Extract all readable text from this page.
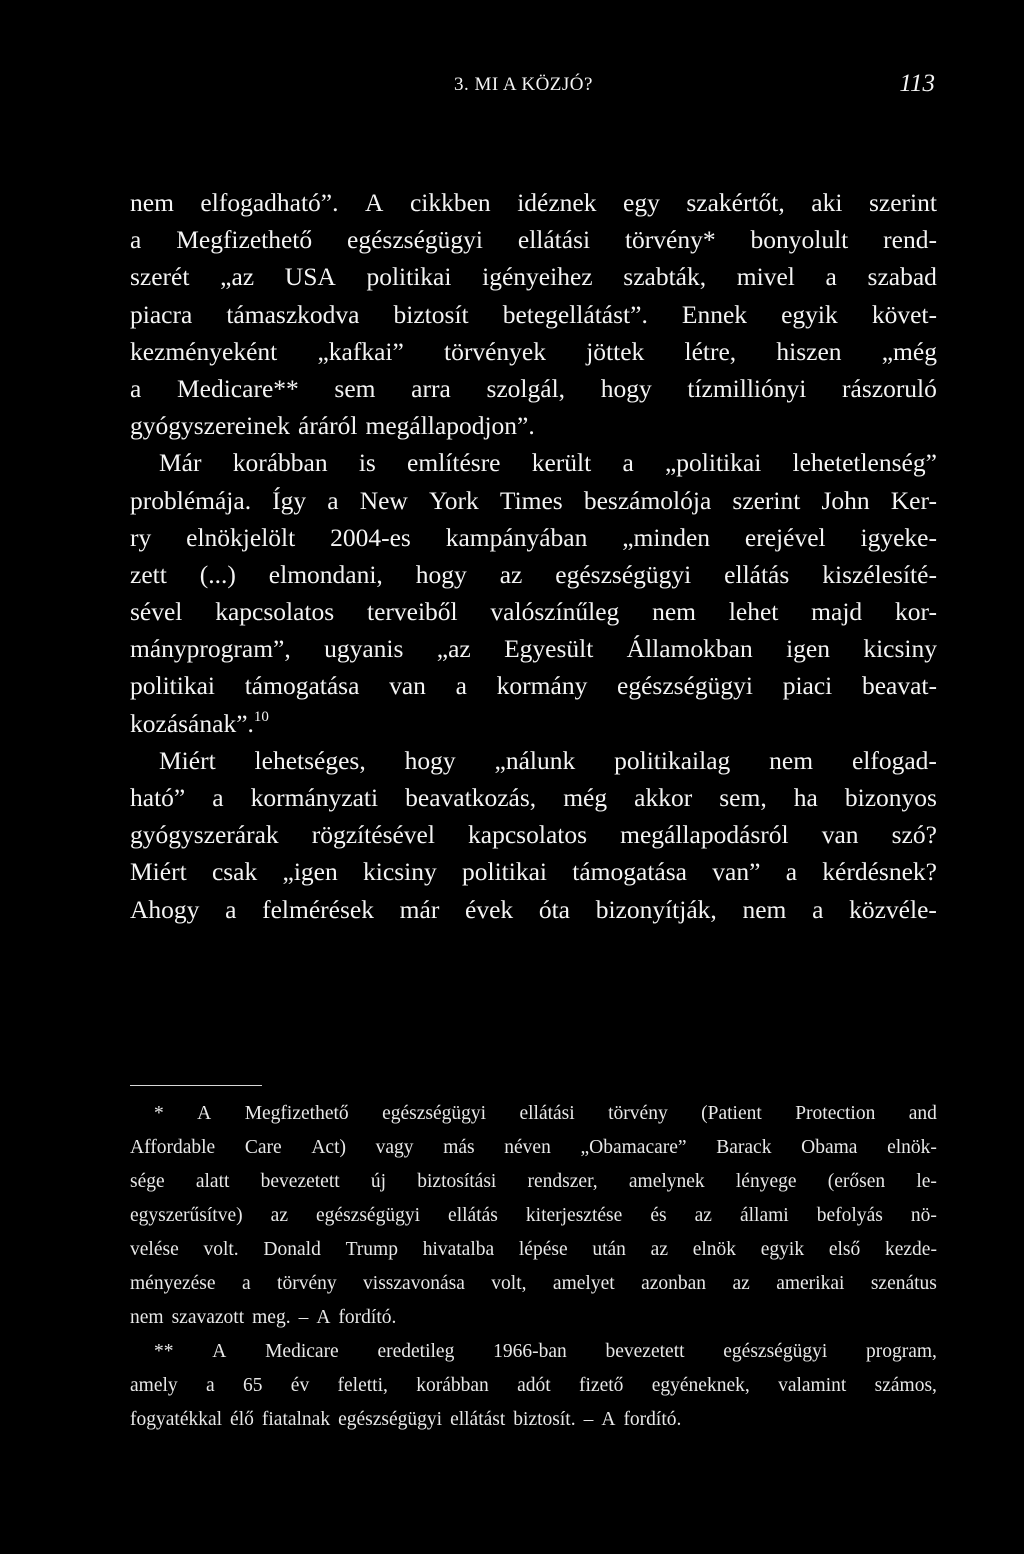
3. MI A KÖZJÓ?	113
nem elfogadható”. A cikkben idéznek egy szakértőt, aki szerint
a Megfizethető egészségügyi ellátási törvény* bonyolult rend-
szerét „az USA politikai igényeihez szabták, mivel a szabad
piacra támaszkodva biztosít betegellátást”. Ennek egyik követ-
kezményeként „kafkai” törvények jöttek létre, hiszen „még
a Medicare** sem arra szolgál, hogy tízmilliónyi rászoruló
gyógyszereinek áráról megállapodjon”.
Már korábban is említésre került a „politikai lehetetlenség”
problémája. Így a New York Times beszámolója szerint John Ker-
ry elnökjelölt 2004-es kampányában „minden erejével igyeke-
zett (...) elmondani, hogy az egészségügyi ellátás kiszélesíté-
sével kapcsolatos terveiből valószínűleg nem lehet majd kor-
mányprogram”, ugyanis „az Egyesült Államokban igen kicsiny
politikai támogatása van a kormány egészségügyi piaci beavat-
kozásának”.$^{10}$
Miért lehetséges, hogy „nálunk politikailag nem elfogad-
ható” a kormányzati beavatkozás, még akkor sem, ha bizonyos
gyógyszerárak rögzítésével kapcsolatos megállapodásról van szó?
Miért csak „igen kicsiny politikai támogatása van” a kérdésnek?
Ahogy a felmérések már évek óta bizonyítják, nem a közvéle-
* A Megfizethető egészségügyi ellátási törvény (Patient Protection and
Affordable Care Act) vagy más néven „Obamacare” Barack Obama elnök-
sége alatt bevezetett új biztosítási rendszer, amelynek lényege (erősen le-
egyszerűsítve) az egészségügyi ellátás kiterjesztése és az állami befolyás nö-
velése volt. Donald Trump hivatalba lépése után az elnök egyik első kezde-
ményezése a törvény visszavonása volt, amelyet azonban az amerikai szenátus
nem szavazott meg. – A fordító.
** A Medicare eredetileg 1966-ban bevezetett egészségügyi program,
amely a 65 év feletti, korábban adót fizető egyéneknek, valamint számos,
fogyatékkal élő fiatalnak egészségügyi ellátást biztosít. – A fordító.
